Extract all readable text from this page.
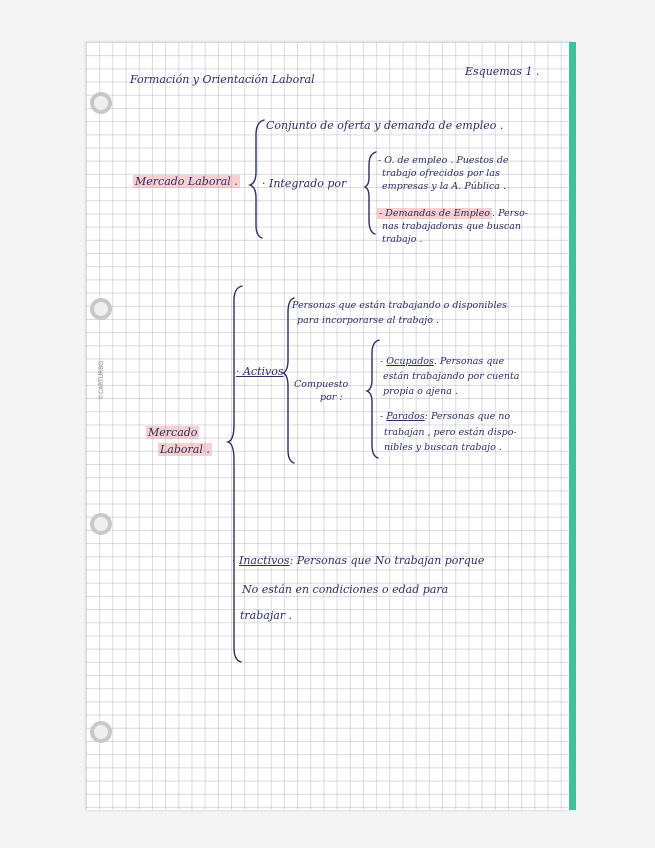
©CARTURBO
Formación y Orientación Laboral
Esquemas 1 .
Mercado Laboral .
Conjunto de oferta y demanda de empleo .
· Integrado por
- O. de empleo . Puestos de
trabajo ofrecidos por las
empresas y la A. Pública .
- Demandas de Empleo . Perso-
nas trabajadoras que buscan
trabajo .
Mercado
Laboral .
· Activos
Personas que están trabajando o disponibles
para incorporarse al trabajo .
Compuesto
por :
- Ocupados. Personas que
están trabajando por cuenta
propia o ajena .
- Parados: Personas que no
trabajan , pero están dispo-
nibles y buscan trabajo .
· Inactivos: Personas que No trabajan porque
No están en condiciones o edad para
trabajar .
